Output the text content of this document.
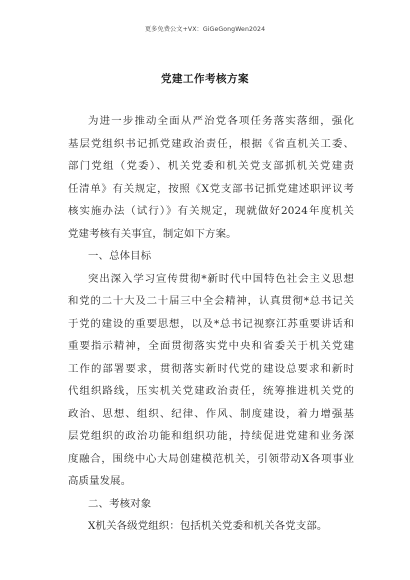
更多免费公文+VX：GiGeGongWen2024
党建工作考核方案
为进一步推动全面从严治党各项任务落实落细，强化
基层党组织书记抓党建政治责任，根据《省直机关工委、
部门党组（党委）、机关党委和机关党支部抓机关党建责
任清单》有关规定，按照《X党支部书记抓党建述职评议考
核实施办法（试行）》有关规定，现就做好2024年度机关
党建考核有关事宜，制定如下方案。
一、总体目标
突出深入学习宣传贯彻*新时代中国特色社会主义思想
和党的二十大及二十届三中全会精神，认真贯彻*总书记关
于党的建设的重要思想，以及*总书记视察江苏重要讲话和
重要指示精神，全面贯彻落实党中央和省委关于机关党建
工作的部署要求，贯彻落实新时代党的建设总要求和新时
代组织路线，压实机关党建政治责任，统筹推进机关党的
政治、思想、组织、纪律、作风、制度建设，着力增强基
层党组织的政治功能和组织功能，持续促进党建和业务深
度融合，围绕中心大局创建模范机关，引领带动X各项事业
高质量发展。
二、考核对象
X机关各级党组织：包括机关党委和机关各党支部。
